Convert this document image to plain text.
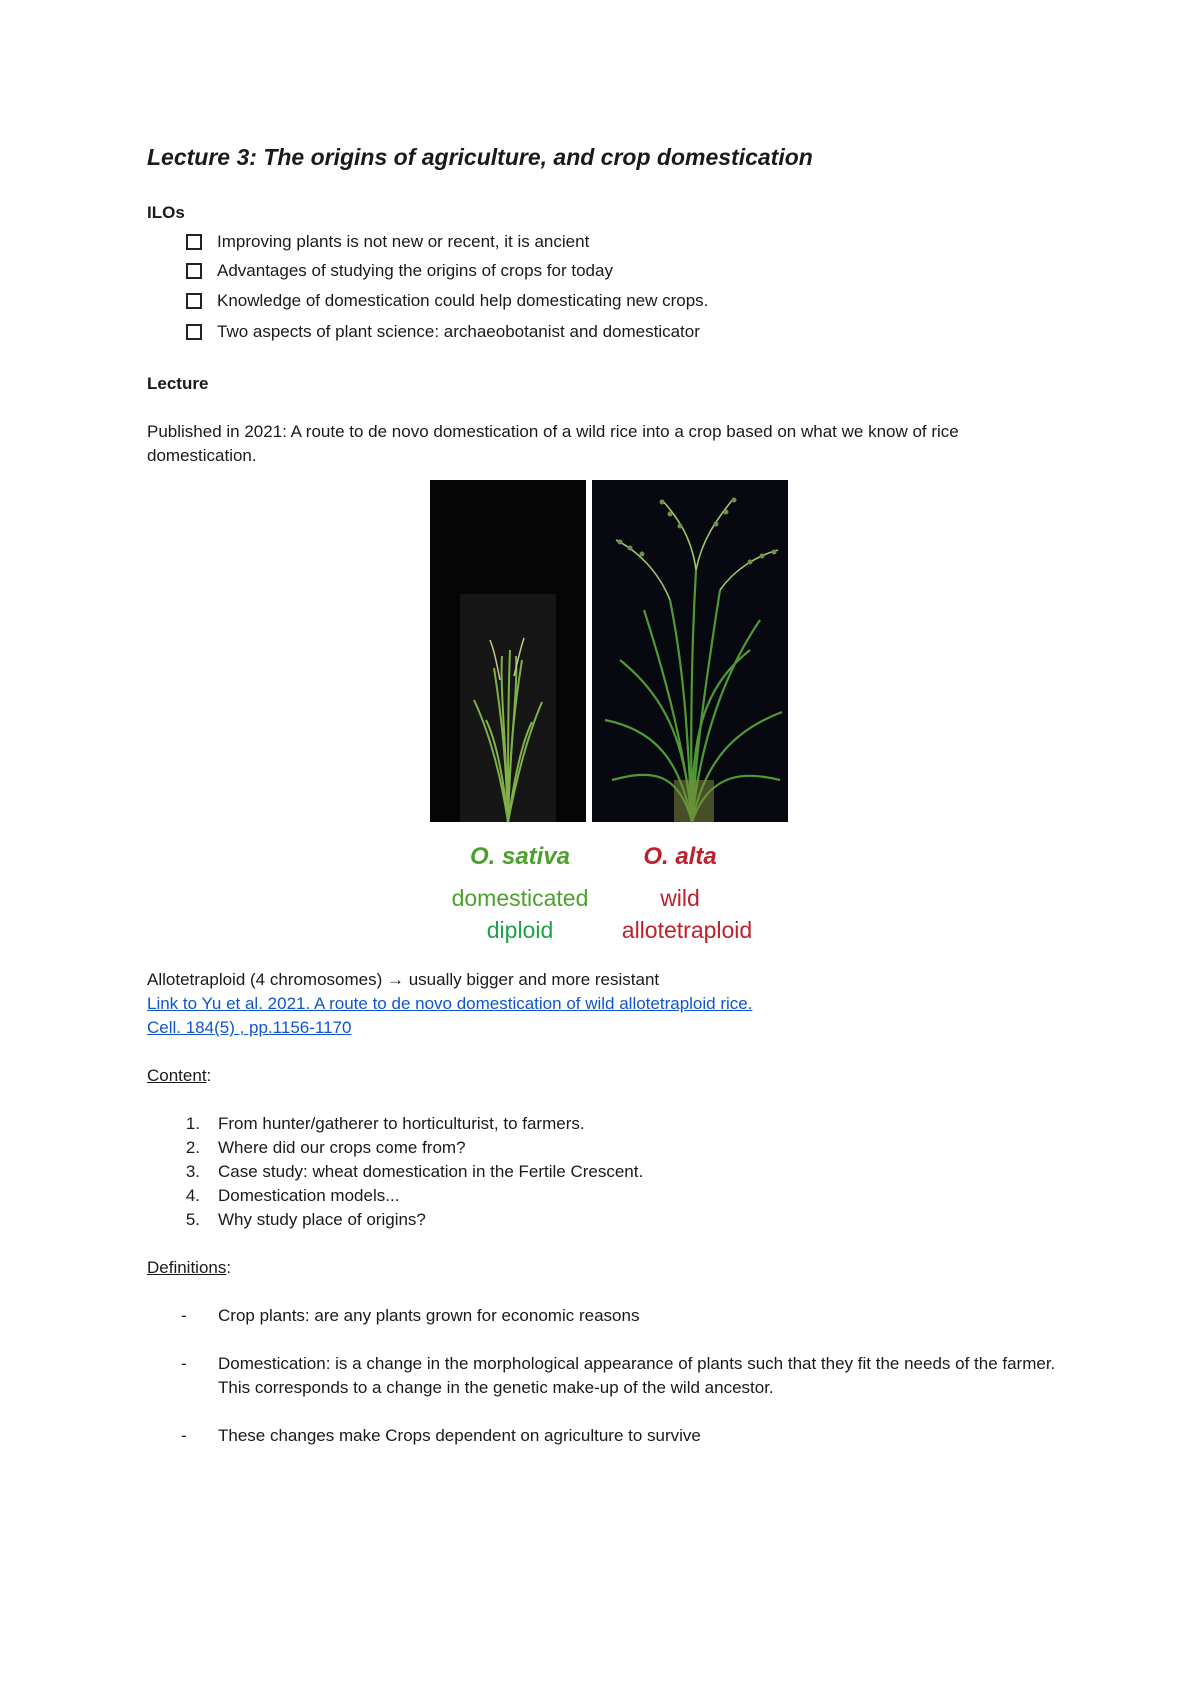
Lecture 3: The origins of agriculture, and crop domestication
ILOs
Improving plants is not new or recent, it is ancient
Advantages of studying the origins of crops for today
Knowledge of domestication could help domesticating new crops.
Two aspects of plant science: archaeobotanist and domesticator
Lecture
Published in 2021: A route to de novo domestication of a wild rice into a crop based on what we know of rice domestication.
O. sativa	O. alta
domesticated	wild
diploid	allotetraploid
Allotetraploid (4 chromosomes) → usually bigger and more resistant
Link to Yu et al. 2021. A route to de novo domestication of wild allotetraploid rice.
Cell. 184(5) , pp.1156-1170
Content:
1. From hunter/gatherer to horticulturist, to farmers.
2. Where did our crops come from?
3. Case study: wheat domestication in the Fertile Crescent.
4. Domestication models...
5. Why study place of origins?
Definitions:
- Crop plants: are any plants grown for economic reasons
- Domestication: is a change in the morphological appearance of plants such that they fit the needs of the farmer. This corresponds to a change in the genetic make-up of the wild ancestor.
- These changes make Crops dependent on agriculture to survive
